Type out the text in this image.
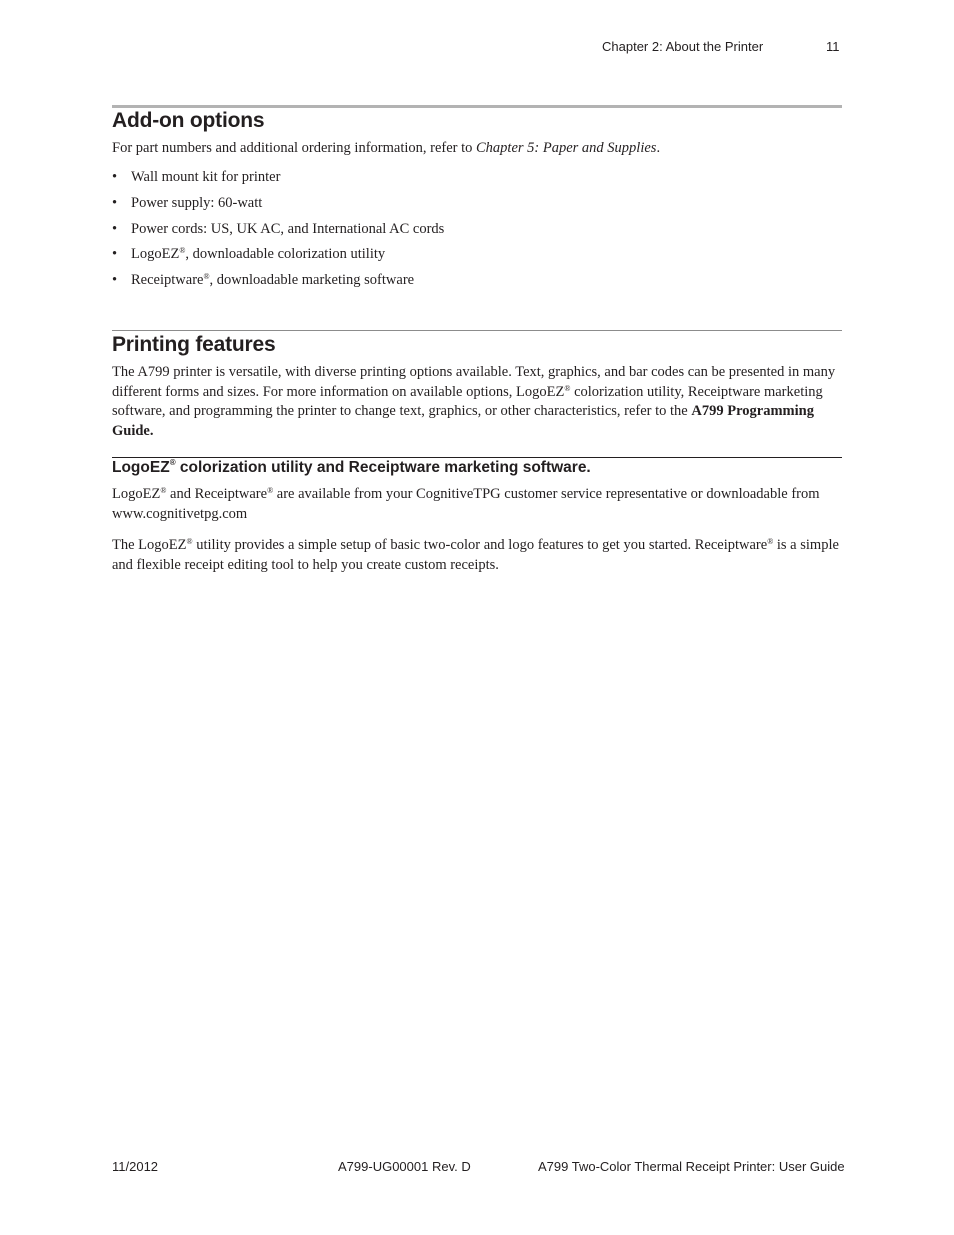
Chapter 2: About the Printer	11
Add-on options

For part numbers and additional ordering information, refer to Chapter 5: Paper and Supplies.

• Wall mount kit for printer
• Power supply: 60-watt
• Power cords: US, UK AC, and International AC cords
• LogoEZ®, downloadable colorization utility
• Receiptware®, downloadable marketing software
Printing features

The A799 printer is versatile, with diverse printing options available. Text, graphics, and bar codes can be presented in many different forms and sizes. For more information on available options, LogoEZ® colorization utility, Receiptware marketing software, and programming the printer to change text, graphics, or other characteristics, refer to the A799 Programming Guide.

LogoEZ® colorization utility and Receiptware marketing software.

LogoEZ® and Receiptware® are available from your CognitiveTPG customer service representative or downloadable from www.cognitivetpg.com

The LogoEZ® utility provides a simple setup of basic two-color and logo features to get you started. Receiptware® is a simple and flexible receipt editing tool to help you create custom receipts.

11/2012	A799-UG00001 Rev. D	A799 Two-Color Thermal Receipt Printer: User Guide
